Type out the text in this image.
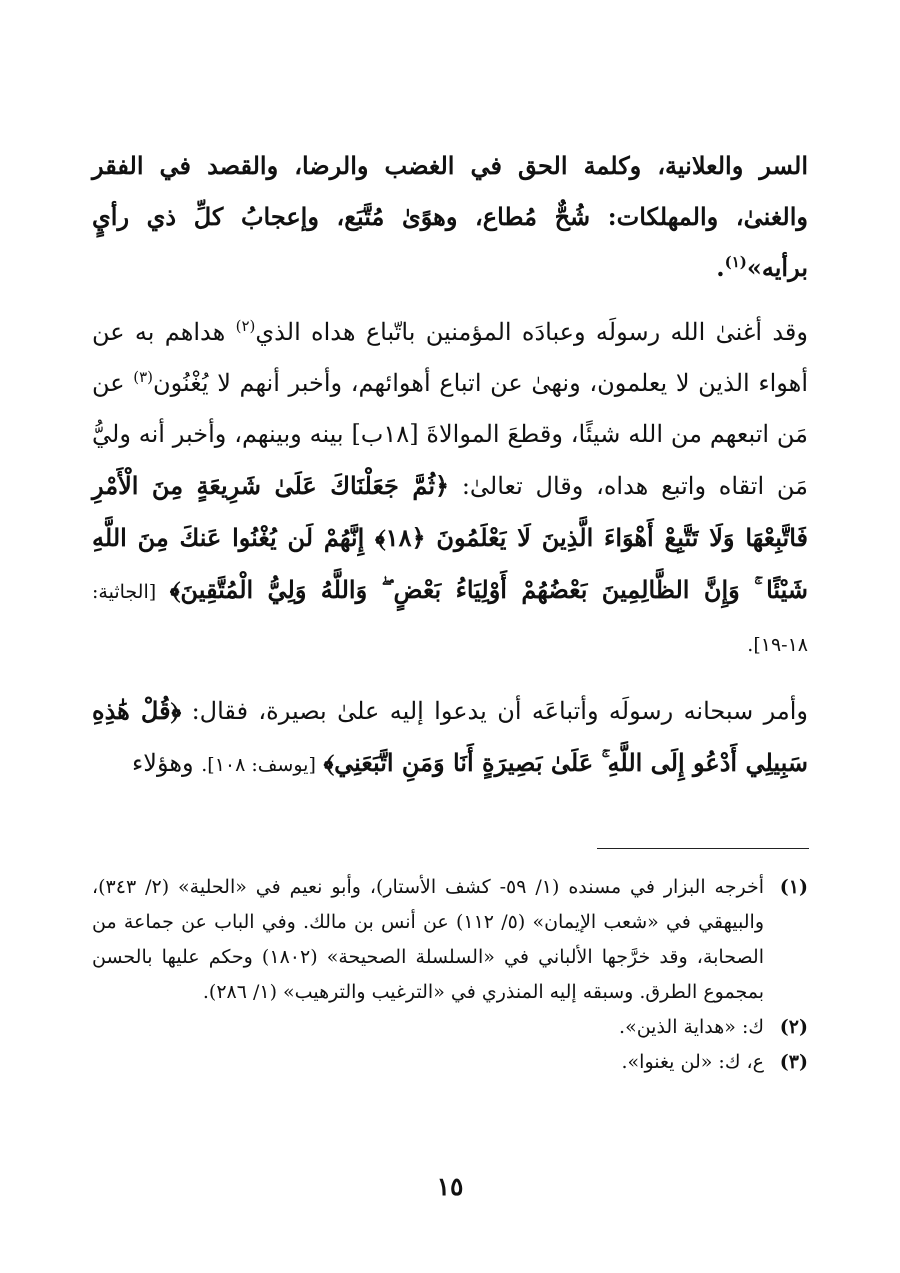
السر والعلانية، وكلمة الحق في الغضب والرضا، والقصد في الفقر والغنىٰ، والمهلكات: شُحٌّ مُطاع، وهوًىٰ مُتَّبَع، وإعجابُ كلِّ ذي رأيٍ برأيه»$^{(١)}$.

وقد أغنىٰ الله رسولَه وعبادَه المؤمنين باتّباع هداه الذي$^{(٢)}$ هداهم به عن أهواء الذين لا يعلمون، ونهىٰ عن اتباع أهوائهم، وأخبر أنهم لا يُغْنُون$^{(٣)}$ عن مَن اتبعهم من الله شيئًا، وقطعَ الموالاةَ [١٨ب] بينه وبينهم، وأخبر أنه وليُّ مَن اتقاه واتبع هداه، وقال تعالىٰ: ﴿ثُمَّ جَعَلْنَاكَ عَلَىٰ شَرِيعَةٍ مِنَ الْأَمْرِ فَاتَّبِعْهَا وَلَا تَتَّبِعْ أَهْوَاءَ الَّذِينَ لَا يَعْلَمُونَ ﴿١٨﴾ إِنَّهُمْ لَن يُغْنُوا عَنكَ مِنَ اللَّهِ شَيْئًا ۚ وَإِنَّ الظَّالِمِينَ بَعْضُهُمْ أَوْلِيَاءُ بَعْضٍ ۖ وَاللَّهُ وَلِيُّ الْمُتَّقِينَ﴾ [الجاثية: ١٨-١٩].

وأمر سبحانه رسولَه وأتباعَه أن يدعوا إليه علىٰ بصيرة، فقال: ﴿قُلْ هَٰذِهِ سَبِيلِي أَدْعُو إِلَى اللَّهِ ۚ عَلَىٰ بَصِيرَةٍ أَنَا وَمَنِ اتَّبَعَنِي﴾ [يوسف: ١٠٨]. وهؤلاء

(١)
أخرجه البزار في مسنده (١/ ٥٩- كشف الأستار)، وأبو نعيم في «الحلية» (٢/ ٣٤٣)، والبيهقي في «شعب الإيمان» (٥/ ١١٢) عن أنس بن مالك. وفي الباب عن جماعة من الصحابة، وقد خرَّجها الألباني في «السلسلة الصحيحة» (١٨٠٢) وحكم عليها بالحسن بمجموع الطرق. وسبقه إليه المنذري في «الترغيب والترهيب» (١/ ٢٨٦).
(٢)
ك: «هداية الذين».
(٣)
ع، ك: «لن يغنوا».
١٥
